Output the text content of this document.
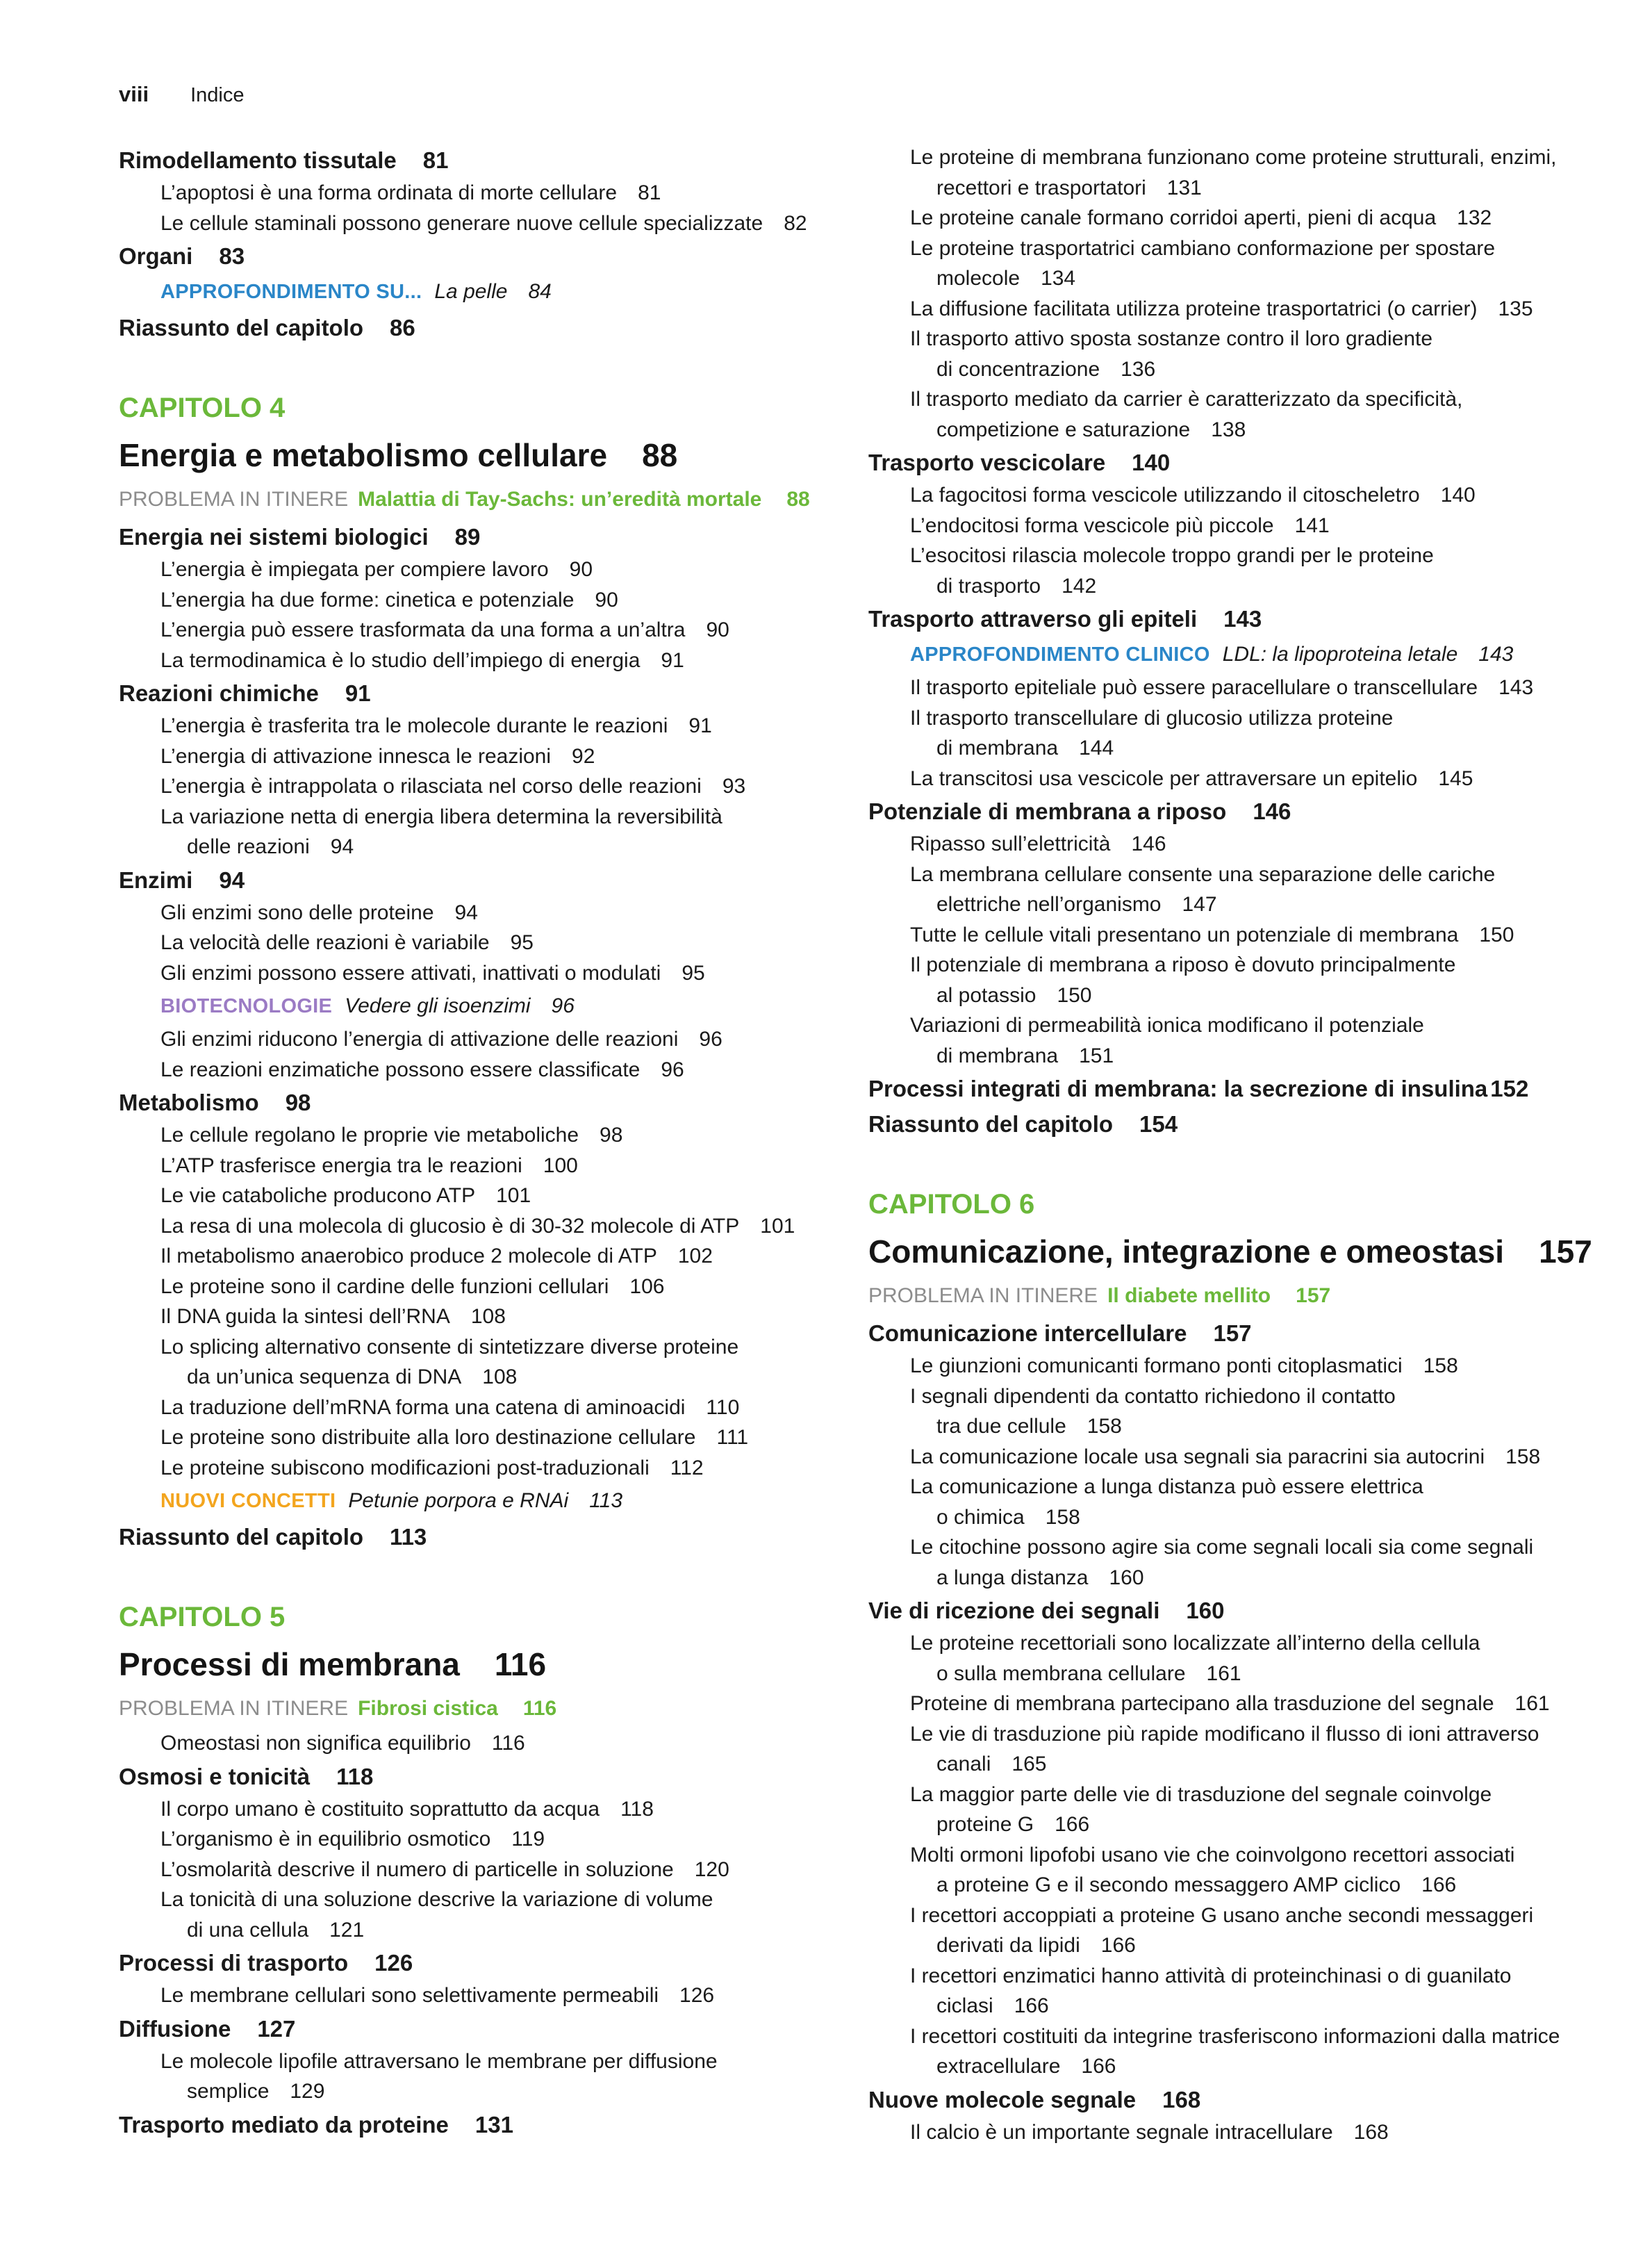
viii Indice
Rimodellamento tissutale 81
L’apoptosi è una forma ordinata di morte cellulare 81
Le cellule staminali possono generare nuove cellule specializzate 82
Organi 83
APPROFONDIMENTO SU... La pelle 84
Riassunto del capitolo 86
CAPITOLO 4
Energia e metabolismo cellulare 88
PROBLEMA IN ITINERE Malattia di Tay-Sachs: un’eredità mortale 88
Energia nei sistemi biologici 89
L’energia è impiegata per compiere lavoro 90
L’energia ha due forme: cinetica e potenziale 90
L’energia può essere trasformata da una forma a un’altra 90
La termodinamica è lo studio dell’impiego di energia 91
Reazioni chimiche 91
L’energia è trasferita tra le molecole durante le reazioni 91
L’energia di attivazione innesca le reazioni 92
L’energia è intrappolata o rilasciata nel corso delle reazioni 93
La variazione netta di energia libera determina la reversibilità
delle reazioni 94
Enzimi 94
Gli enzimi sono delle proteine 94
La velocità delle reazioni è variabile 95
Gli enzimi possono essere attivati, inattivati o modulati 95
BIOTECNOLOGIE Vedere gli isoenzimi 96
Gli enzimi riducono l’energia di attivazione delle reazioni 96
Le reazioni enzimatiche possono essere classificate 96
Metabolismo 98
Le cellule regolano le proprie vie metaboliche 98
L’ATP trasferisce energia tra le reazioni 100
Le vie cataboliche producono ATP 101
La resa di una molecola di glucosio è di 30-32 molecole di ATP 101
Il metabolismo anaerobico produce 2 molecole di ATP 102
Le proteine sono il cardine delle funzioni cellulari 106
Il DNA guida la sintesi dell’RNA 108
Lo splicing alternativo consente di sintetizzare diverse proteine
da un’unica sequenza di DNA 108
La traduzione dell’mRNA forma una catena di aminoacidi 110
Le proteine sono distribuite alla loro destinazione cellulare 111
Le proteine subiscono modificazioni post-traduzionali 112
NUOVI CONCETTI Petunie porpora e RNAi 113
Riassunto del capitolo 113
CAPITOLO 5
Processi di membrana 116
PROBLEMA IN ITINERE Fibrosi cistica 116
Omeostasi non significa equilibrio 116
Osmosi e tonicità 118
Il corpo umano è costituito soprattutto da acqua 118
L’organismo è in equilibrio osmotico 119
L’osmolarità descrive il numero di particelle in soluzione 120
La tonicità di una soluzione descrive la variazione di volume
di una cellula 121
Processi di trasporto 126
Le membrane cellulari sono selettivamente permeabili 126
Diffusione 127
Le molecole lipofile attraversano le membrane per diffusione
semplice 129
Trasporto mediato da proteine 131
Le proteine di membrana funzionano come proteine strutturali, enzimi,
recettori e trasportatori 131
Le proteine canale formano corridoi aperti, pieni di acqua 132
Le proteine trasportatrici cambiano conformazione per spostare
molecole 134
La diffusione facilitata utilizza proteine trasportatrici (o carrier) 135
Il trasporto attivo sposta sostanze contro il loro gradiente
di concentrazione 136
Il trasporto mediato da carrier è caratterizzato da specificità,
competizione e saturazione 138
Trasporto vescicolare 140
La fagocitosi forma vescicole utilizzando il citoscheletro 140
L’endocitosi forma vescicole più piccole 141
L’esocitosi rilascia molecole troppo grandi per le proteine
di trasporto 142
Trasporto attraverso gli epiteli 143
APPROFONDIMENTO CLINICO LDL: la lipoproteina letale 143
Il trasporto epiteliale può essere paracellulare o transcellulare 143
Il trasporto transcellulare di glucosio utilizza proteine
di membrana 144
La transcitosi usa vescicole per attraversare un epitelio 145
Potenziale di membrana a riposo 146
Ripasso sull’elettricità 146
La membrana cellulare consente una separazione delle cariche
elettriche nell’organismo 147
Tutte le cellule vitali presentano un potenziale di membrana 150
Il potenziale di membrana a riposo è dovuto principalmente
al potassio 150
Variazioni di permeabilità ionica modificano il potenziale
di membrana 151
Processi integrati di membrana: la secrezione di insulina 152
Riassunto del capitolo 154
CAPITOLO 6
Comunicazione, integrazione e omeostasi 157
PROBLEMA IN ITINERE Il diabete mellito 157
Comunicazione intercellulare 157
Le giunzioni comunicanti formano ponti citoplasmatici 158
I segnali dipendenti da contatto richiedono il contatto
tra due cellule 158
La comunicazione locale usa segnali sia paracrini sia autocrini 158
La comunicazione a lunga distanza può essere elettrica
o chimica 158
Le citochine possono agire sia come segnali locali sia come segnali
a lunga distanza 160
Vie di ricezione dei segnali 160
Le proteine recettoriali sono localizzate all’interno della cellula
o sulla membrana cellulare 161
Proteine di membrana partecipano alla trasduzione del segnale 161
Le vie di trasduzione più rapide modificano il flusso di ioni attraverso
canali 165
La maggior parte delle vie di trasduzione del segnale coinvolge
proteine G 166
Molti ormoni lipofobi usano vie che coinvolgono recettori associati
a proteine G e il secondo messaggero AMP ciclico 166
I recettori accoppiati a proteine G usano anche secondi messaggeri
derivati da lipidi 166
I recettori enzimatici hanno attività di proteinchinasi o di guanilato
ciclasi 166
I recettori costituiti da integrine trasferiscono informazioni dalla matrice
extracellulare 166
Nuove molecole segnale 168
Il calcio è un importante segnale intracellulare 168
